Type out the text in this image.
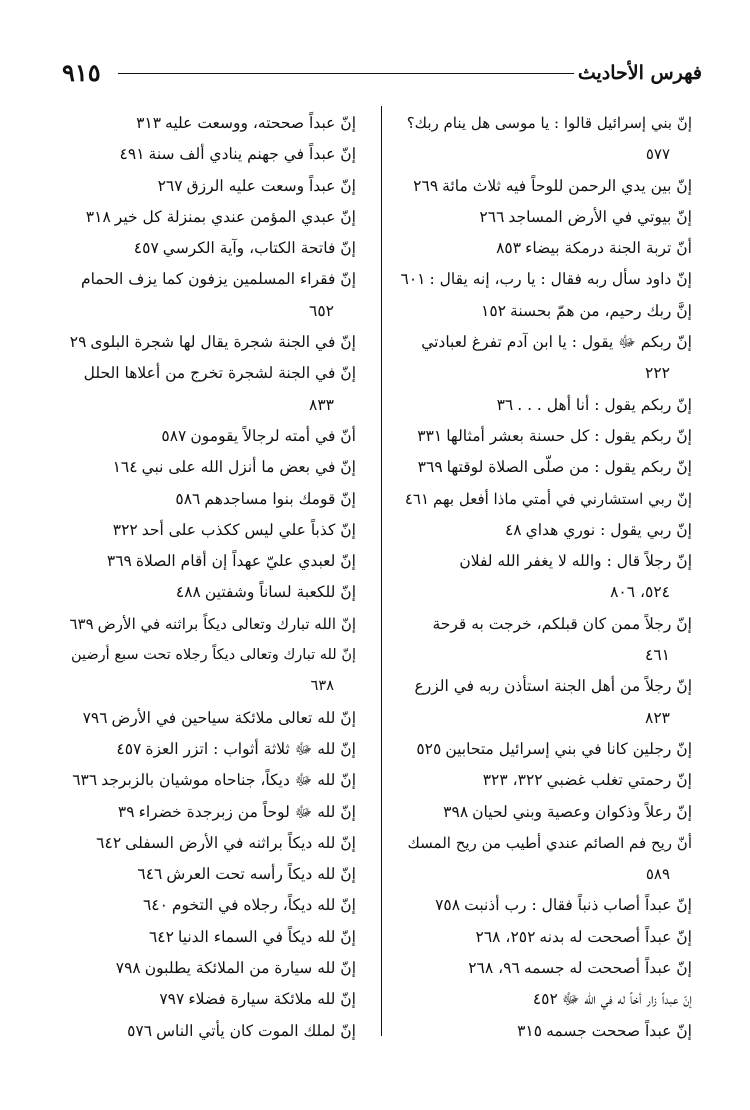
٩١٥	فهرس الأحاديث
إنّ بني إسرائيل قالوا : يا موسى هل ينام ربك؟
٥٧٧
إنّ بين يدي الرحمن للوحاً فيه ثلاث مائة٢٦٩
إنّ بيوتي في الأرض المساجد٢٦٦
أنّ تربة الجنة درمكة بيضاء٨٥٣
إنّ داود سأل ربه فقال : يا رب، إنه يقال :٦٠١
إنَّ ربك رحيم، من همّ بحسنة١٥٢
إنّ ربكم ﷻ يقول : يا ابن آدم تفرغ لعبادتي
٢٢٢
إنّ ربكم يقول : أنا أهل . . .٣٦
إنّ ربكم يقول : كل حسنة بعشر أمثالها٣٣١
إنّ ربكم يقول : من صلّى الصلاة لوقتها٣٦٩
إنّ ربي استشارني في أمتي ماذا أفعل بهم٤٦١
إنّ ربي يقول : نوري هداي٤٨
إنّ رجلاً قال : والله لا يغفر الله لفلان
٥٢٤، ٨٠٦
إنّ رجلاً ممن كان قبلكم، خرجت به قرحة
٤٦١
إنّ رجلاً من أهل الجنة استأذن ربه في الزرع
٨٢٣
إنّ رجلين كانا في بني إسرائيل متحابين٥٢٥
إنّ رحمتي تغلب غضبي٣٢٢، ٣٢٣
إنّ رعلاً وذكوان وعصية وبني لحيان٣٩٨
أنّ ريح فم الصائم عندي أطيب من ريح المسك
٥٨٩
إنّ عبداً أصاب ذنباً فقال : رب أذنبت٧٥٨
إنّ عبداً أصححت له بدنه٢٥٢، ٢٦٨
إنّ عبداً أصححت له جسمه٩٦، ٢٦٨
إنّ عبداً زار أخاً له في الله ﷻ٤٥٢
إنّ عبداً صححت جسمه٣١٥
إنّ عبداً صححته، ووسعت عليه٣١٣
إنّ عبداً في جهنم ينادي ألف سنة٤٩١
إنّ عبداً وسعت عليه الرزق٢٦٧
إنّ عبدي المؤمن عندي بمنزلة كل خير٣١٨
إنّ فاتحة الكتاب، وآية الكرسي٤٥٧
إنّ فقراء المسلمين يزفون كما يزف الحمام
٦٥٢
إنّ في الجنة شجرة يقال لها شجرة البلوى٢٩
إنّ في الجنة لشجرة تخرج من أعلاها الحلل
٨٣٣
أنّ في أمته لرجالاً يقومون٥٨٧
إنّ في بعض ما أنزل الله على نبي١٦٤
إنّ قومك بنوا مساجدهم٥٨٦
إنّ كذباً علي ليس ككذب على أحد٣٢٢
إنّ لعبدي عليّ عهداً إن أقام الصلاة٣٦٩
إنّ للكعبة لساناً وشفتين٤٨٨
إنّ الله تبارك وتعالى ديكاً براثنه في الأرض٦٣٩
إنّ لله تبارك وتعالى ديكاً رجلاه تحت سبع أرضين
٦٣٨
إنّ لله تعالى ملائكة سياحين في الأرض٧٩٦
إنّ لله ﷻ ثلاثة أثواب : اتزر العزة٤٥٧
إنّ لله ﷻ ديكاً، جناحاه موشيان بالزبرجد٦٣٦
إنّ لله ﷻ لوحاً من زبرجدة خضراء٣٩
إنّ لله ديكاً براثنه في الأرض السفلى٦٤٢
إنّ لله ديكاً رأسه تحت العرش٦٤٦
إنّ لله ديكاً، رجلاه في التخوم٦٤٠
إنّ لله ديكاً في السماء الدنيا٦٤٢
إنّ لله سيارة من الملائكة يطلبون٧٩٨
إنّ لله ملائكة سيارة فضلاء٧٩٧
إنّ لملك الموت كان يأتي الناس٥٧٦
